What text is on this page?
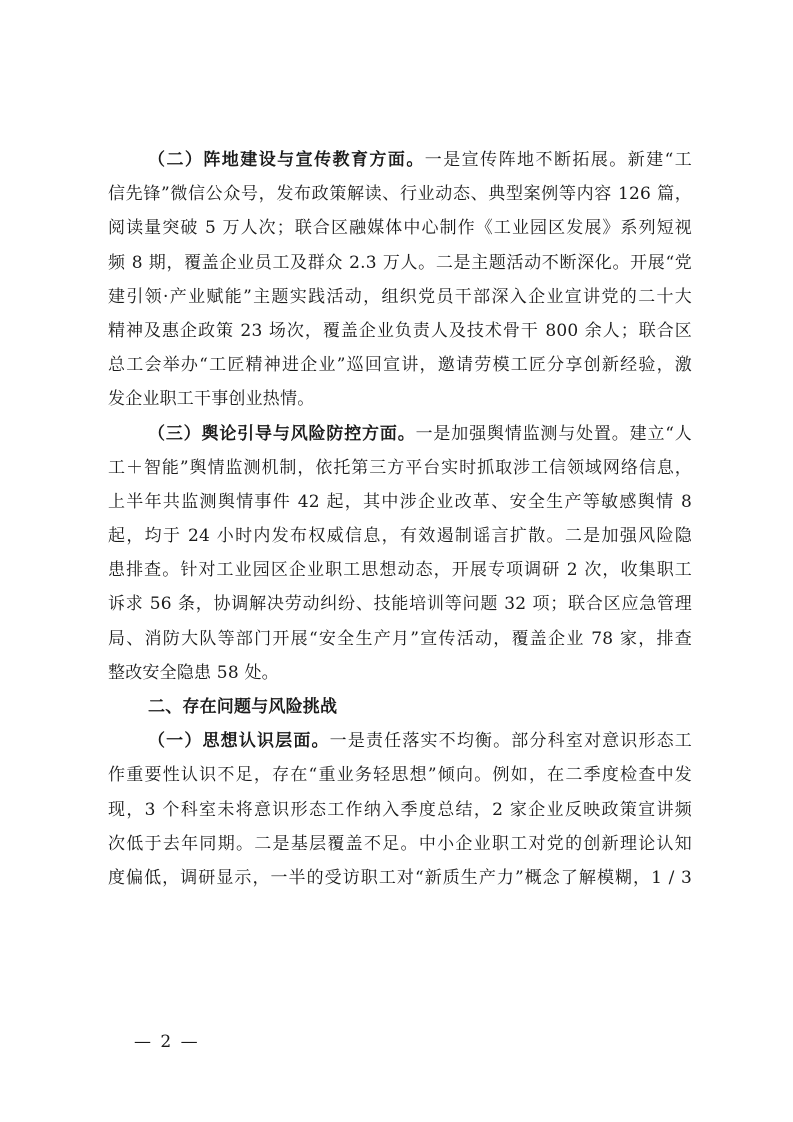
（二）阵地建设与宣传教育方面。一是宣传阵地不断拓展。新建“工
信先锋”微信公众号，发布政策解读、行业动态、典型案例等内容 126 篇，
阅读量突破 5 万人次；联合区融媒体中心制作《工业园区发展》系列短视
频 8 期，覆盖企业员工及群众 2.3 万人。二是主题活动不断深化。开展“党
建引领·产业赋能”主题实践活动，组织党员干部深入企业宣讲党的二十大
精神及惠企政策 23 场次，覆盖企业负责人及技术骨干 800 余人；联合区
总工会举办“工匠精神进企业”巡回宣讲，邀请劳模工匠分享创新经验，激
发企业职工干事创业热情。
（三）舆论引导与风险防控方面。一是加强舆情监测与处置。建立“人
工＋智能”舆情监测机制，依托第三方平台实时抓取涉工信领域网络信息，
上半年共监测舆情事件 42 起，其中涉企业改革、安全生产等敏感舆情 8
起，均于 24 小时内发布权威信息，有效遏制谣言扩散。二是加强风险隐
患排查。针对工业园区企业职工思想动态，开展专项调研 2 次，收集职工
诉求 56 条，协调解决劳动纠纷、技能培训等问题 32 项；联合区应急管理
局、消防大队等部门开展“安全生产月”宣传活动，覆盖企业 78 家，排查
整改安全隐患 58 处。
二、存在问题与风险挑战
（一）思想认识层面。一是责任落实不均衡。部分科室对意识形态工
作重要性认识不足，存在“重业务轻思想”倾向。例如，在二季度检查中发
现，3 个科室未将意识形态工作纳入季度总结，2 家企业反映政策宣讲频
次低于去年同期。二是基层覆盖不足。中小企业职工对党的创新理论认知
度偏低，调研显示，一半的受访职工对“新质生产力”概念了解模糊，1 / 3
— 2 —
